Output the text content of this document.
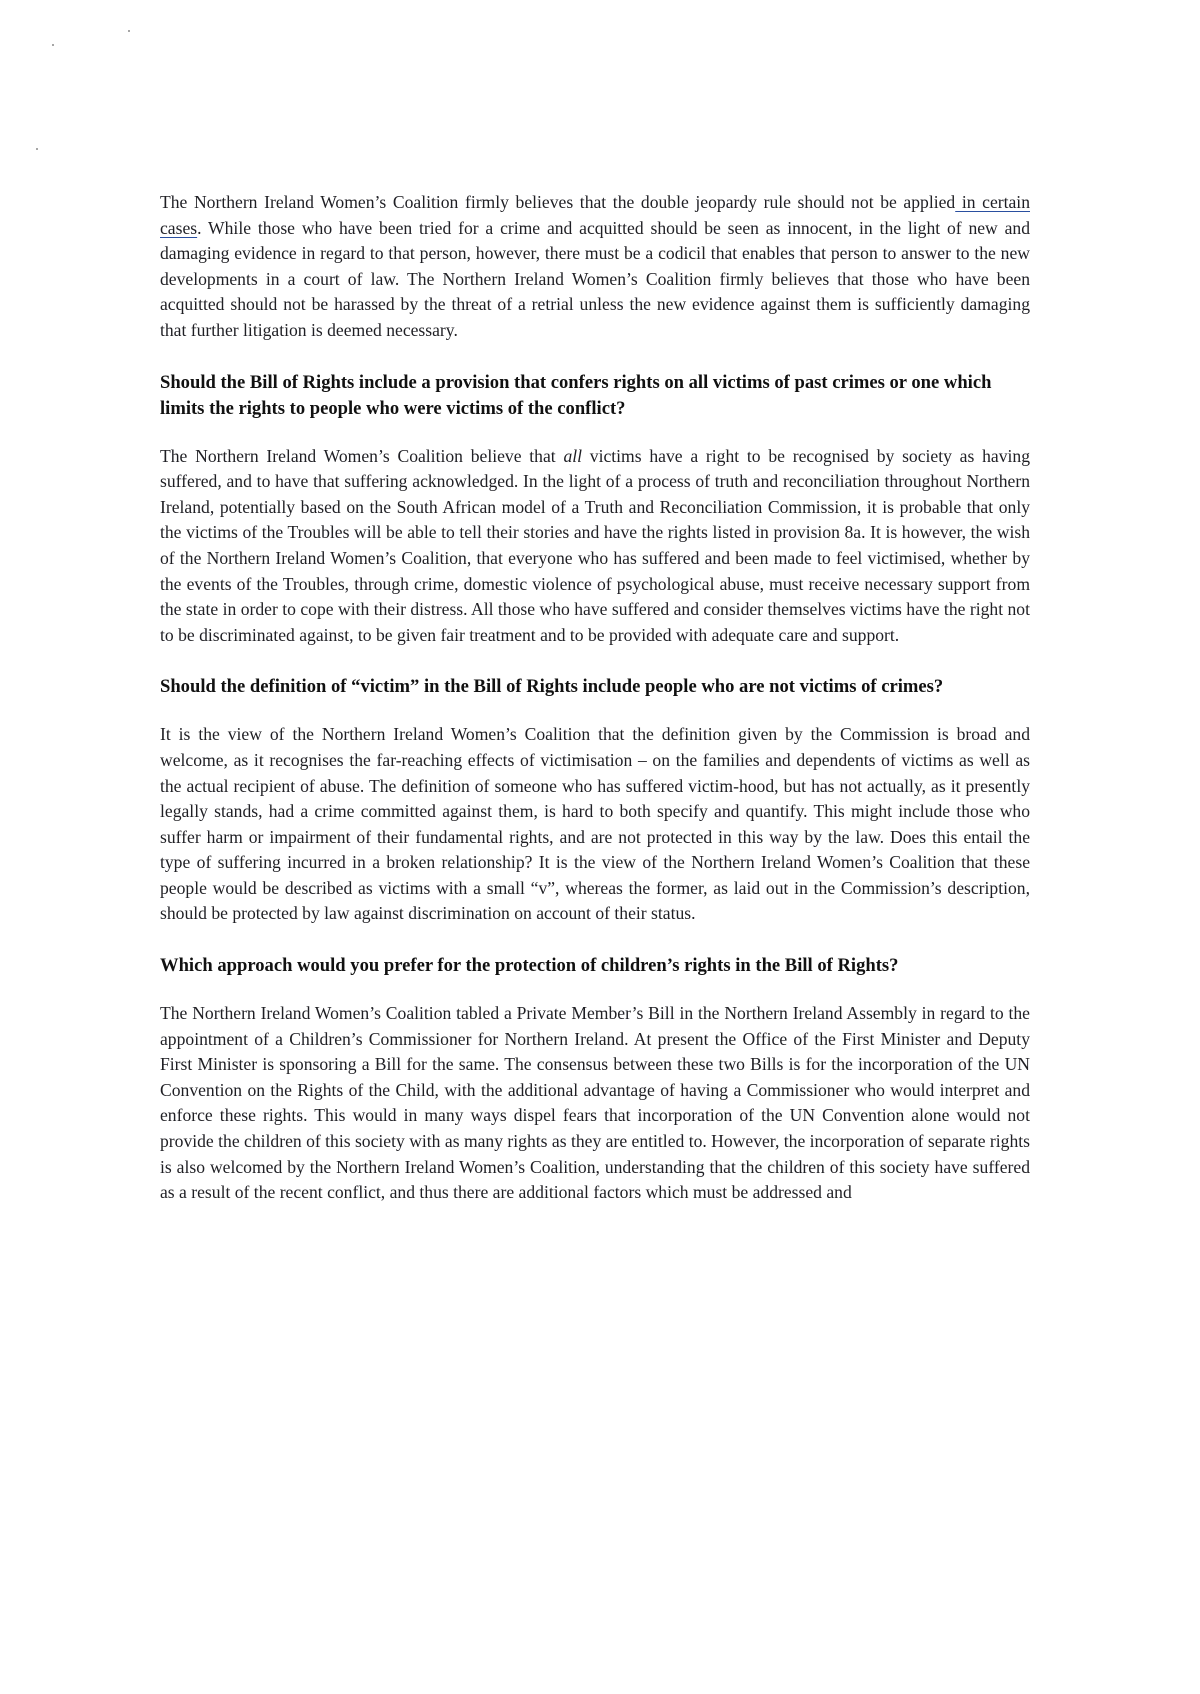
The Northern Ireland Women’s Coalition firmly believes that the double jeopardy rule should not be applied in certain cases. While those who have been tried for a crime and acquitted should be seen as innocent, in the light of new and damaging evidence in regard to that person, however, there must be a codicil that enables that person to answer to the new developments in a court of law. The Northern Ireland Women’s Coalition firmly believes that those who have been acquitted should not be harassed by the threat of a retrial unless the new evidence against them is sufficiently damaging that further litigation is deemed necessary.

Should the Bill of Rights include a provision that confers rights on all victims of past crimes or one which limits the rights to people who were victims of the conflict?

The Northern Ireland Women’s Coalition believe that all victims have a right to be recognised by society as having suffered, and to have that suffering acknowledged. In the light of a process of truth and reconciliation throughout Northern Ireland, potentially based on the South African model of a Truth and Reconciliation Commission, it is probable that only the victims of the Troubles will be able to tell their stories and have the rights listed in provision 8a. It is however, the wish of the Northern Ireland Women’s Coalition, that everyone who has suffered and been made to feel victimised, whether by the events of the Troubles, through crime, domestic violence of psychological abuse, must receive necessary support from the state in order to cope with their distress. All those who have suffered and consider themselves victims have the right not to be discriminated against, to be given fair treatment and to be provided with adequate care and support.

Should the definition of “victim” in the Bill of Rights include people who are not victims of crimes?

It is the view of the Northern Ireland Women’s Coalition that the definition given by the Commission is broad and welcome, as it recognises the far-reaching effects of victimisation – on the families and dependents of victims as well as the actual recipient of abuse. The definition of someone who has suffered victim-hood, but has not actually, as it presently legally stands, had a crime committed against them, is hard to both specify and quantify. This might include those who suffer harm or impairment of their fundamental rights, and are not protected in this way by the law. Does this entail the type of suffering incurred in a broken relationship? It is the view of the Northern Ireland Women’s Coalition that these people would be described as victims with a small “v”, whereas the former, as laid out in the Commission’s description, should be protected by law against discrimination on account of their status.

Which approach would you prefer for the protection of children’s rights in the Bill of Rights?

The Northern Ireland Women’s Coalition tabled a Private Member’s Bill in the Northern Ireland Assembly in regard to the appointment of a Children’s Commissioner for Northern Ireland. At present the Office of the First Minister and Deputy First Minister is sponsoring a Bill for the same. The consensus between these two Bills is for the incorporation of the UN Convention on the Rights of the Child, with the additional advantage of having a Commissioner who would interpret and enforce these rights. This would in many ways dispel fears that incorporation of the UN Convention alone would not provide the children of this society with as many rights as they are entitled to. However, the incorporation of separate rights is also welcomed by the Northern Ireland Women’s Coalition, understanding that the children of this society have suffered as a result of the recent conflict, and thus there are additional factors which must be addressed and
